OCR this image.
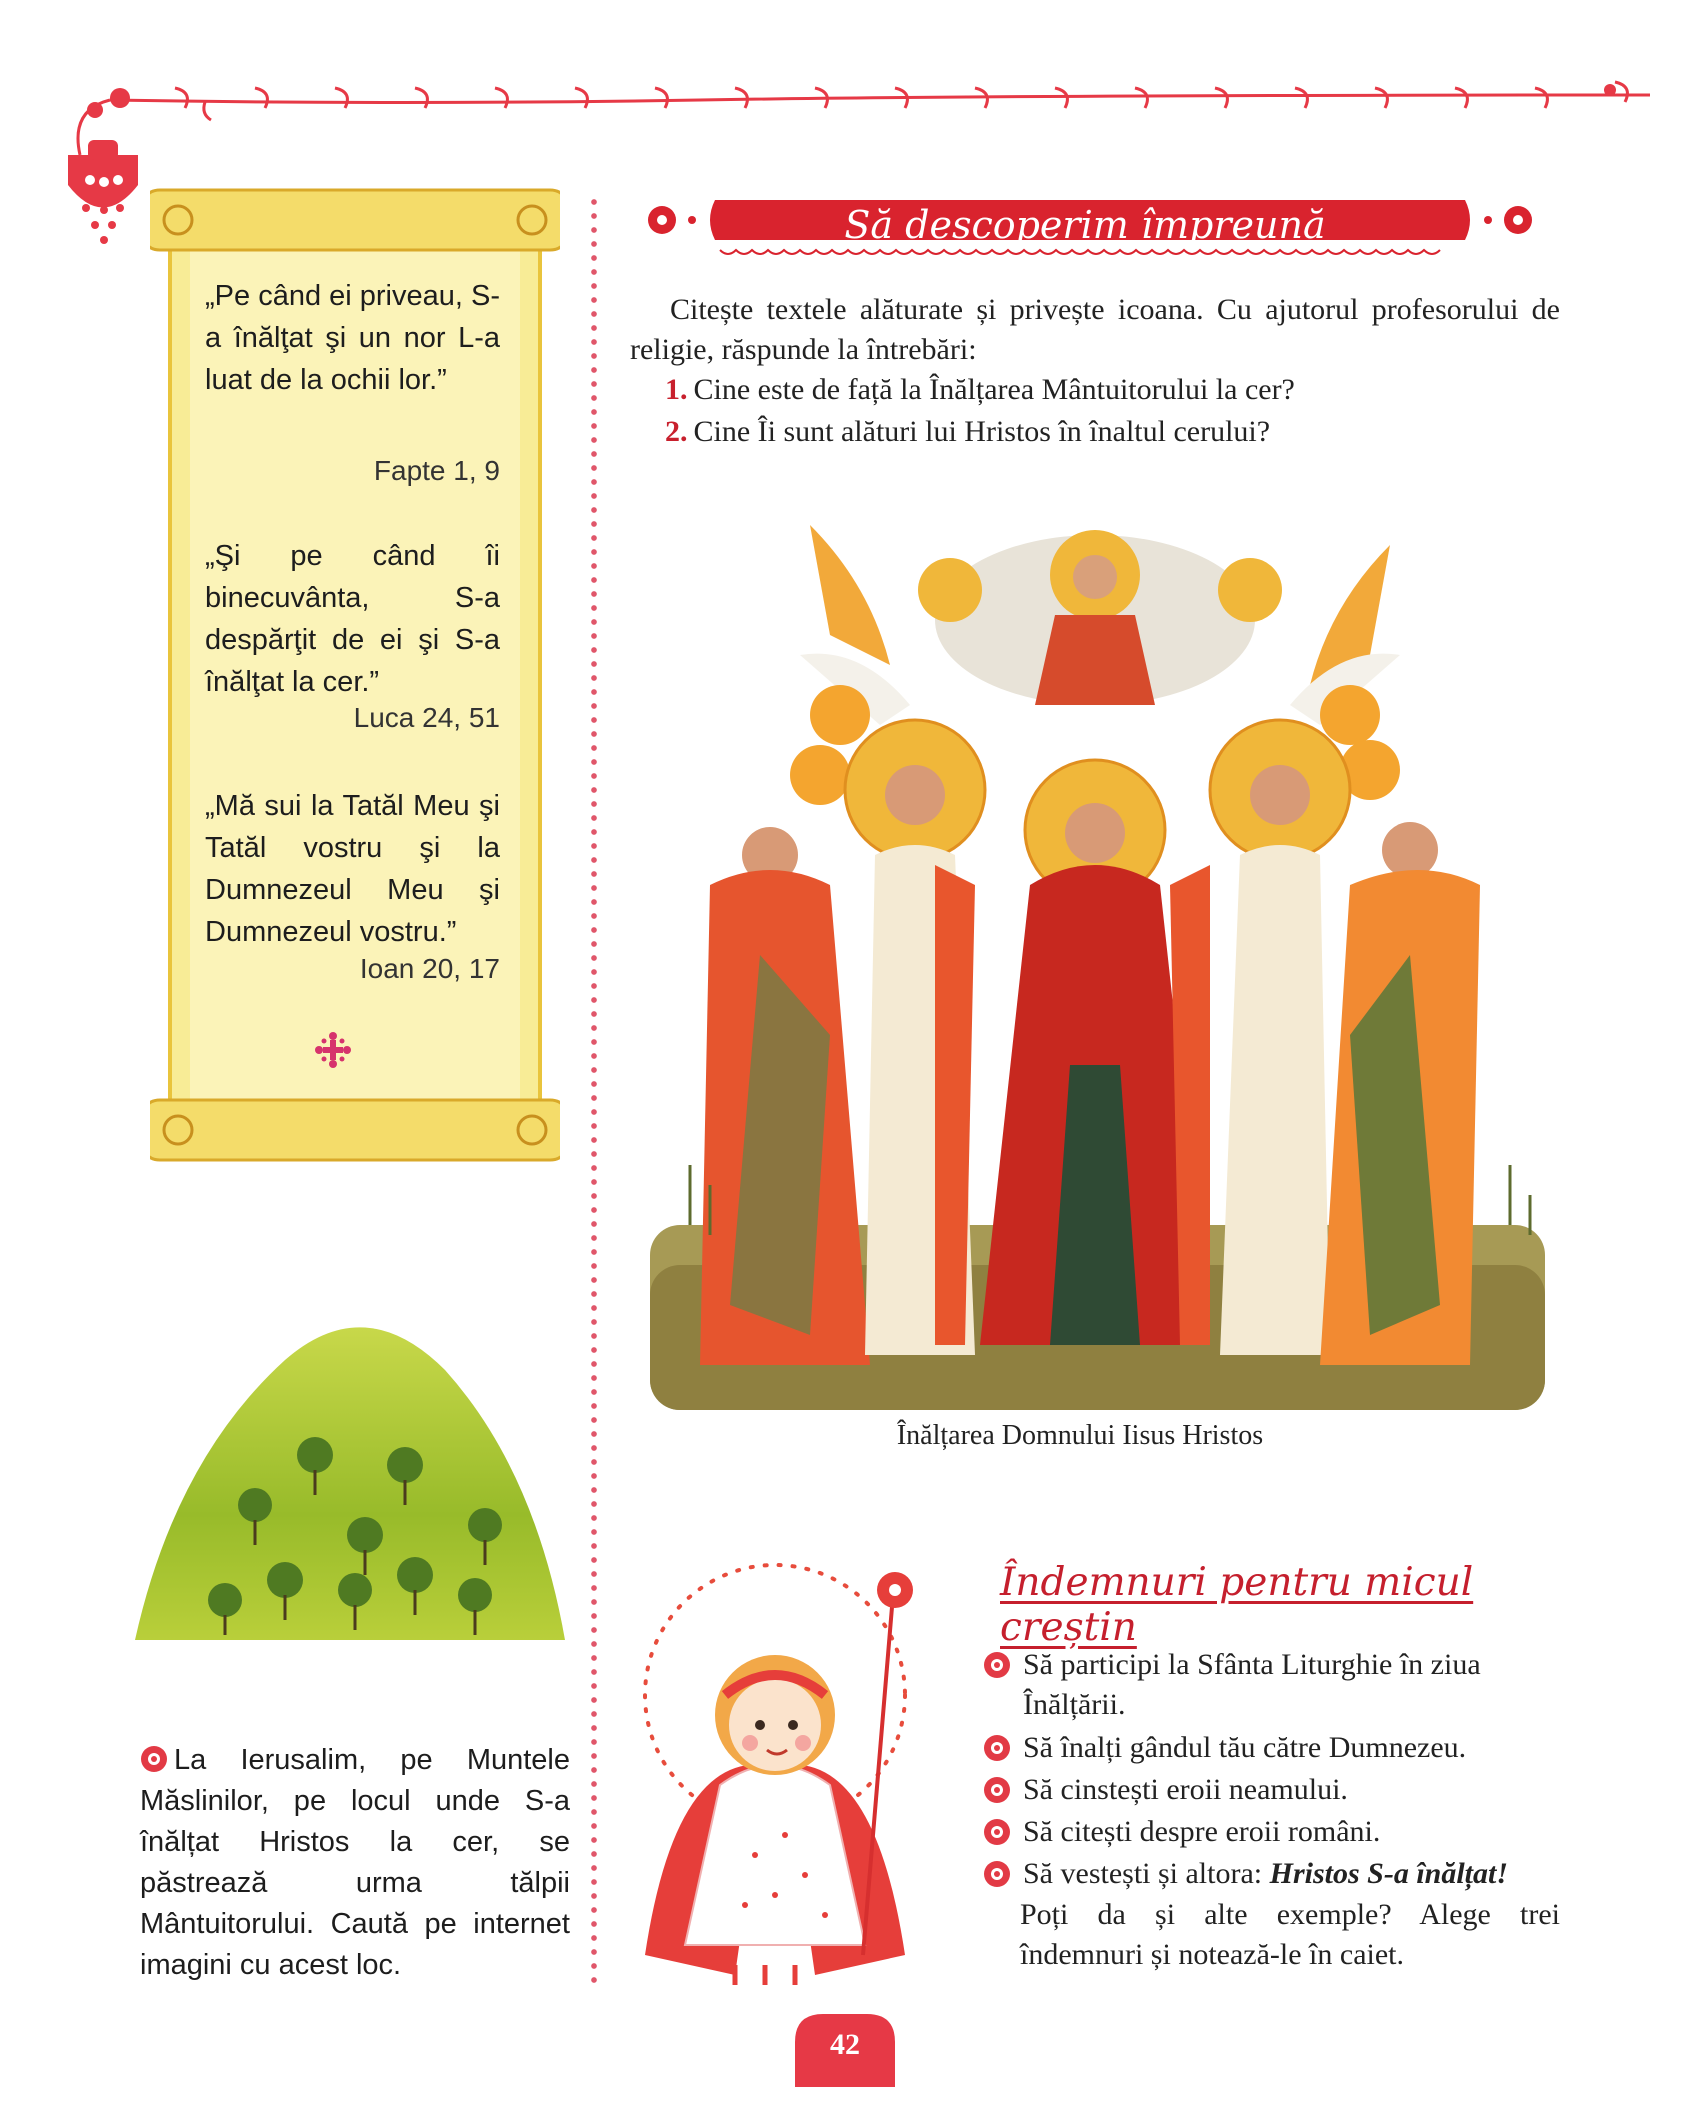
„Pe când ei priveau, S-a înălţat şi un nor L-a luat de la ochii lor.”

Fapte 1, 9

„Şi pe când îi binecuvânta, S-a despărţit de ei şi S-a înălţat la cer.”

Luca 24, 51

„Mă sui la Tatăl Meu şi Tatăl vostru şi la Dumnezeul Meu şi Dumnezeul vostru.”

Ioan 20, 17
Să descoperim împreună
Citește textele alăturate și privește icoana. Cu ajutorul profesorului de religie, răspunde la întrebări:
1. Cine este de față la Înălțarea Mântuitorului la cer?
2. Cine Îi sunt alături lui Hristos în înaltul cerului?
Înălțarea Domnului Iisus Hristos
La Ierusalim, pe Muntele Măslinilor, pe locul unde S-a înălțat Hristos la cer, se păstrează urma tălpii Mântuitorului. Caută pe internet imagini cu acest loc.
Îndemnuri pentru micul creștin
Să participi la Sfânta Liturghie în ziua Înălțării.
Să înalți gândul tău către Dumnezeu.
Să cinstești eroii neamului.
Să citești despre eroii români.
Să vestești și altora: Hristos S-a înălțat!
Poți da și alte exemple? Alege trei îndemnuri și notează-le în caiet.
42
